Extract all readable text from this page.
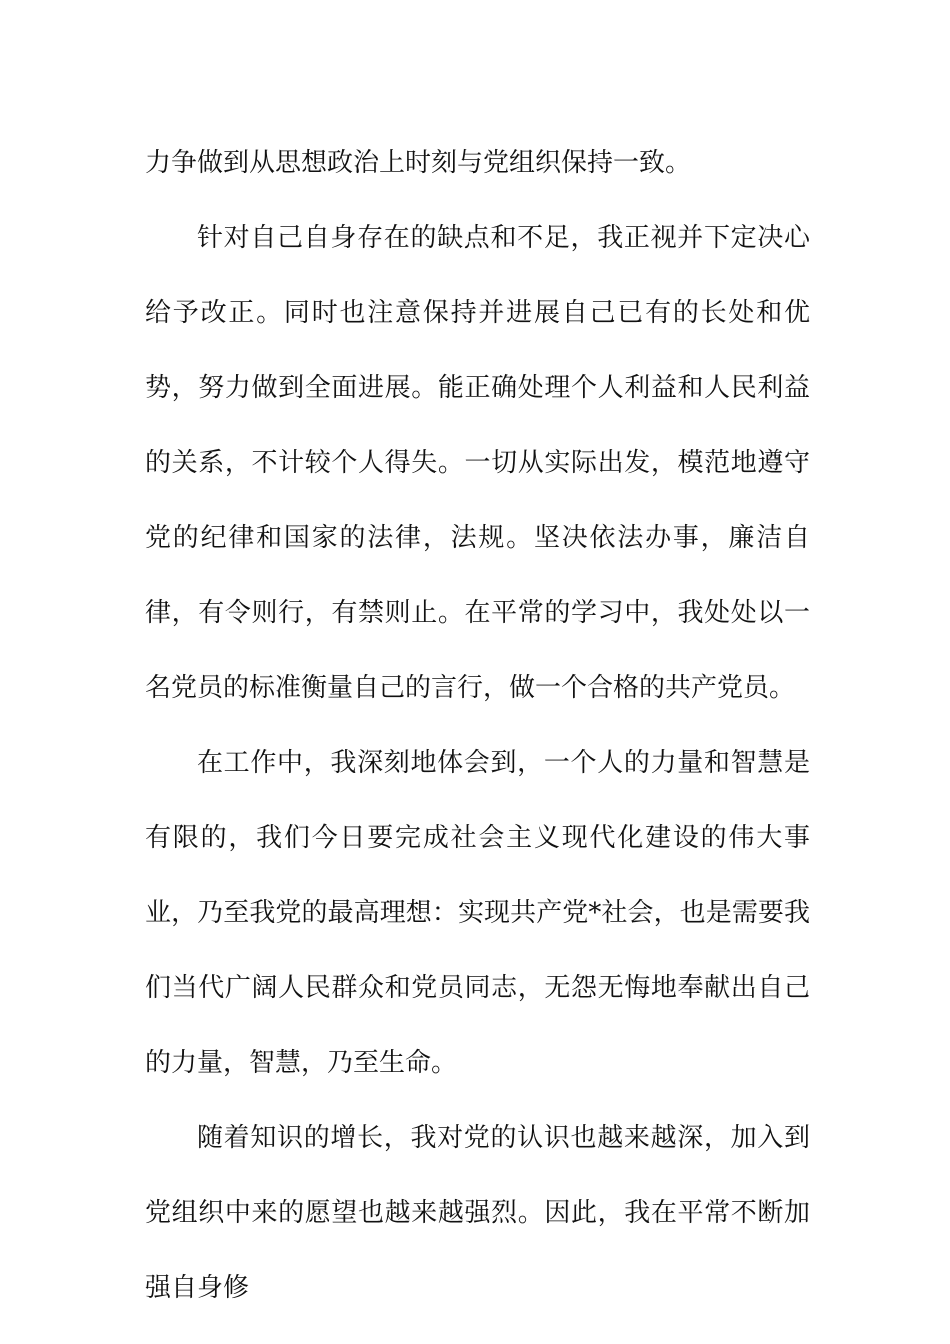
力争做到从思想政治上时刻与党组织保持一致。

针对自己自身存在的缺点和不足，我正视并下定决心给予改正。同时也注意保持并进展自己已有的长处和优势，努力做到全面进展。能正确处理个人利益和人民利益的关系，不计较个人得失。一切从实际出发，模范地遵守党的纪律和国家的法律，法规。坚决依法办事，廉洁自律，有令则行，有禁则止。在平常的学习中，我处处以一名党员的标准衡量自己的言行，做一个合格的共产党员。

在工作中，我深刻地体会到，一个人的力量和智慧是有限的，我们今日要完成社会主义现代化建设的伟大事业，乃至我党的最高理想：实现共产党*社会，也是需要我们当代广阔人民群众和党员同志，无怨无悔地奉献出自己的力量，智慧，乃至生命。

随着知识的增长，我对党的认识也越来越深，加入到党组织中来的愿望也越来越强烈。因此，我在平常不断加强自身修
